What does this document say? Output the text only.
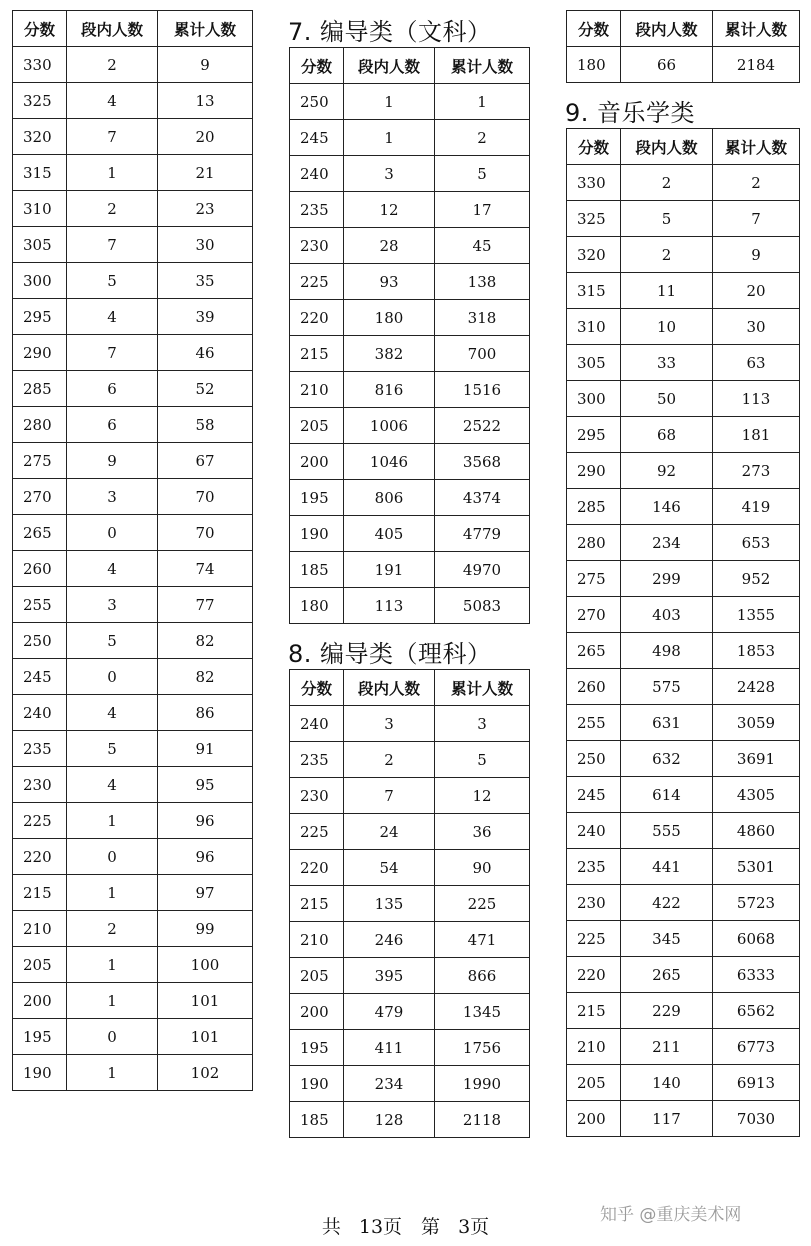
分数	段内人数	累计人数
330	2	9
325	4	13
320	7	20
315	1	21
310	2	23
305	7	30
300	5	35
295	4	39
290	7	46
285	6	52
280	6	58
275	9	67
270	3	70
265	0	70
260	4	74
255	3	77
250	5	82
245	0	82
240	4	86
235	5	91
230	4	95
225	1	96
220	0	96
215	1	97
210	2	99
205	1	100
200	1	101
195	0	101
190	1	102
7. 编导类（文科）
分数	段内人数	累计人数
250	1	1
245	1	2
240	3	5
235	12	17
230	28	45
225	93	138
220	180	318
215	382	700
210	816	1516
205	1006	2522
200	1046	3568
195	806	4374
190	405	4779
185	191	4970
180	113	5083
8. 编导类（理科）
分数	段内人数	累计人数
240	3	3
235	2	5
230	7	12
225	24	36
220	54	90
215	135	225
210	246	471
205	395	866
200	479	1345
195	411	1756
190	234	1990
185	128	2118
分数	段内人数	累计人数
180	66	2184
9. 音乐学类
分数	段内人数	累计人数
330	2	2
325	5	7
320	2	9
315	11	20
310	10	30
305	33	63
300	50	113
295	68	181
290	92	273
285	146	419
280	234	653
275	299	952
270	403	1355
265	498	1853
260	575	2428
255	631	3059
250	632	3691
245	614	4305
240	555	4860
235	441	5301
230	422	5723
225	345	6068
220	265	6333
215	229	6562
210	211	6773
205	140	6913
200	117	7030
共 13页　第 3页
知乎 @重庆美术网
